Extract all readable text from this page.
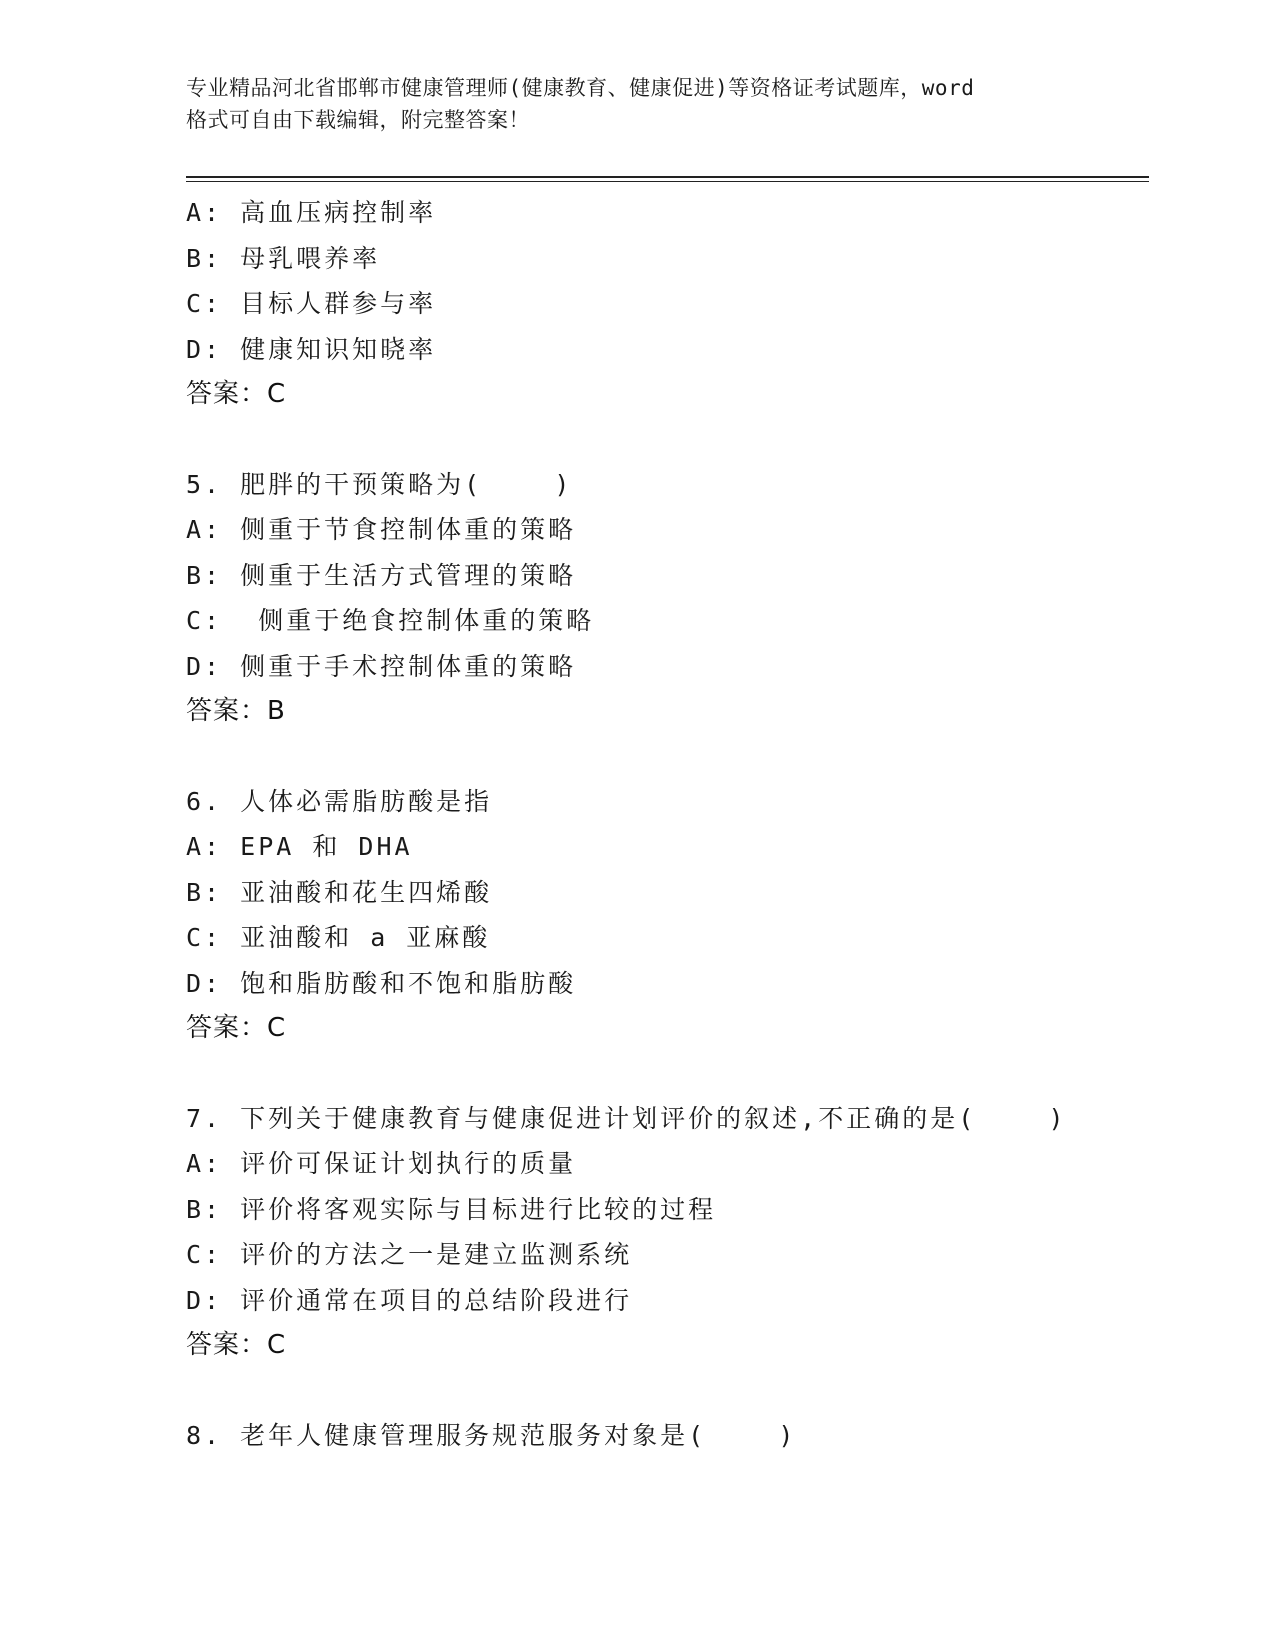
专业精品河北省邯郸市健康管理师(健康教育、健康促进)等资格证考试题库，word
格式可自由下载编辑，附完整答案！
A: 高血压病控制率
B: 母乳喂养率
C: 目标人群参与率
D: 健康知识知晓率
答案：C
5. 肥胖的干预策略为(    )
A: 侧重于节食控制体重的策略
B: 侧重于生活方式管理的策略
C:  侧重于绝食控制体重的策略
D: 侧重于手术控制体重的策略
答案：B
6. 人体必需脂肪酸是指
A: EPA 和 DHA
B: 亚油酸和花生四烯酸
C: 亚油酸和 a 亚麻酸
D: 饱和脂肪酸和不饱和脂肪酸
答案：C
7. 下列关于健康教育与健康促进计划评价的叙述,不正确的是(    )
A: 评价可保证计划执行的质量
B: 评价将客观实际与目标进行比较的过程
C: 评价的方法之一是建立监测系统
D: 评价通常在项目的总结阶段进行
答案：C
8. 老年人健康管理服务规范服务对象是(    )
